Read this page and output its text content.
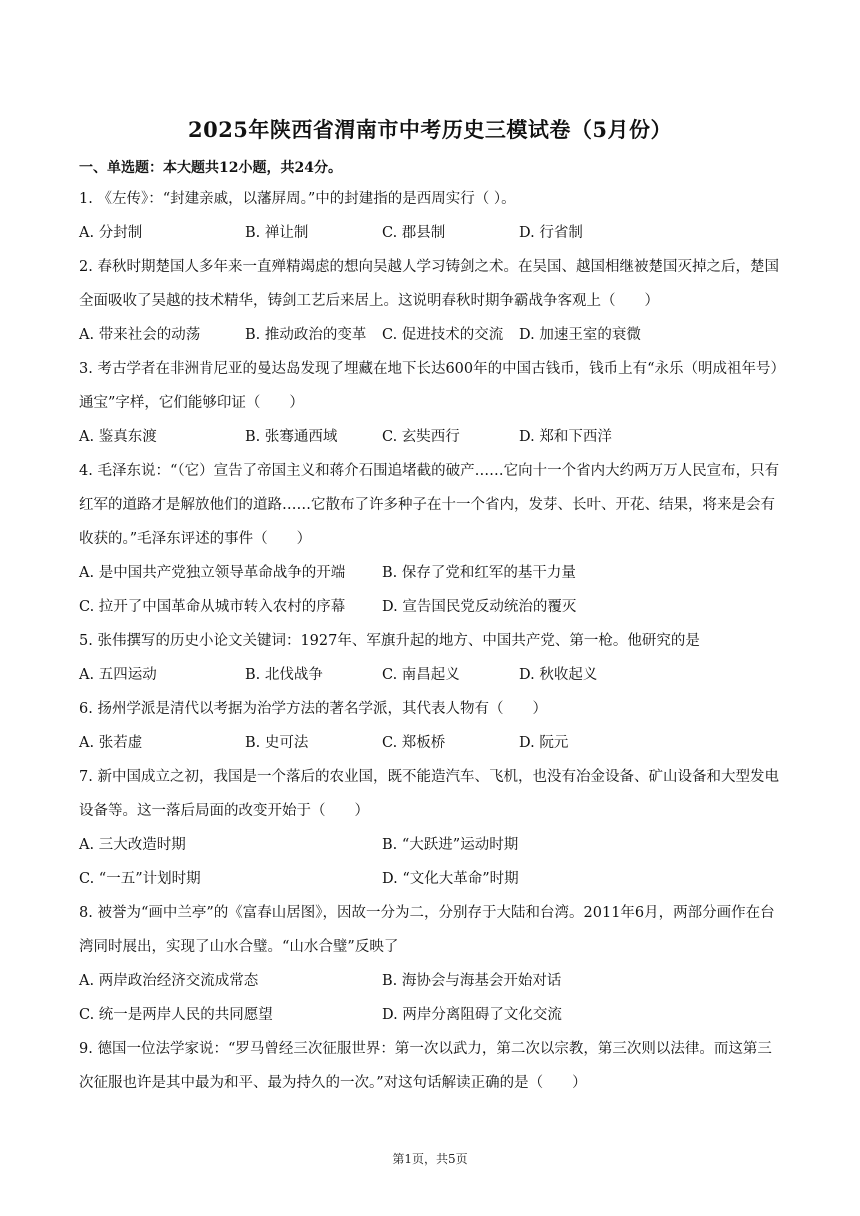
2025年陕西省渭南市中考历史三模试卷（5月份）
一、单选题：本大题共12小题，共24分。
1. 《左传》：“封建亲戚，以藩屏周。”中的封建指的是西周实行（ ）。
A. 分封制	B. 禅让制	C. 郡县制	D. 行省制
2. 春秋时期楚国人多年来一直殚精竭虑的想向吴越人学习铸剑之术。在吴国、越国相继被楚国灭掉之后，楚国全面吸收了吴越的技术精华，铸剑工艺后来居上。这说明春秋时期争霸战争客观上（　　）
A. 带来社会的动荡	B. 推动政治的变革 C. 促进技术的交流 D. 加速王室的衰微
3. 考古学者在非洲肯尼亚的曼达岛发现了埋藏在地下长达600年的中国古钱币，钱币上有“永乐（明成祖年号）通宝”字样，它们能够印证（　　）
A. 鉴真东渡	B. 张骞通西域	C. 玄奘西行	D. 郑和下西洋
4. 毛泽东说：“（它）宣告了帝国主义和蒋介石围追堵截的破产……它向十一个省内大约两万万人民宣布，只有红军的道路才是解放他们的道路……它散布了许多种子在十一个省内，发芽、长叶、开花、结果，将来是会有收获的。”毛泽东评述的事件（　　）
A. 是中国共产党独立领导革命战争的开端	B. 保存了党和红军的基干力量
C. 拉开了中国革命从城市转入农村的序幕	D. 宣告国民党反动统治的覆灭
5. 张伟撰写的历史小论文关键词：1927年、军旗升起的地方、中国共产党、第一枪。他研究的是
A. 五四运动	B. 北伐战争	C. 南昌起义	D. 秋收起义
6. 扬州学派是清代以考据为治学方法的著名学派，其代表人物有（　　）
A. 张若虚	B. 史可法	C. 郑板桥	D. 阮元
7. 新中国成立之初，我国是一个落后的农业国，既不能造汽车、飞机，也没有冶金设备、矿山设备和大型发电设备等。这一落后局面的改变开始于（　　）
A. 三大改造时期	B. “大跃进”运动时期
C. “一五”计划时期	D. “文化大革命”时期
8. 被誉为“画中兰亭”的《富春山居图》，因故一分为二，分别存于大陆和台湾。2011年6月，两部分画作在台湾同时展出，实现了山水合璧。“山水合璧”反映了
A. 两岸政治经济交流成常态	B. 海协会与海基会开始对话
C. 统一是两岸人民的共同愿望	D. 两岸分离阻碍了文化交流
9. 德国一位法学家说：“罗马曾经三次征服世界：第一次以武力，第二次以宗教，第三次则以法律。而这第三次征服也许是其中最为和平、最为持久的一次。”对这句话解读正确的是（　　）
第1页，共5页
